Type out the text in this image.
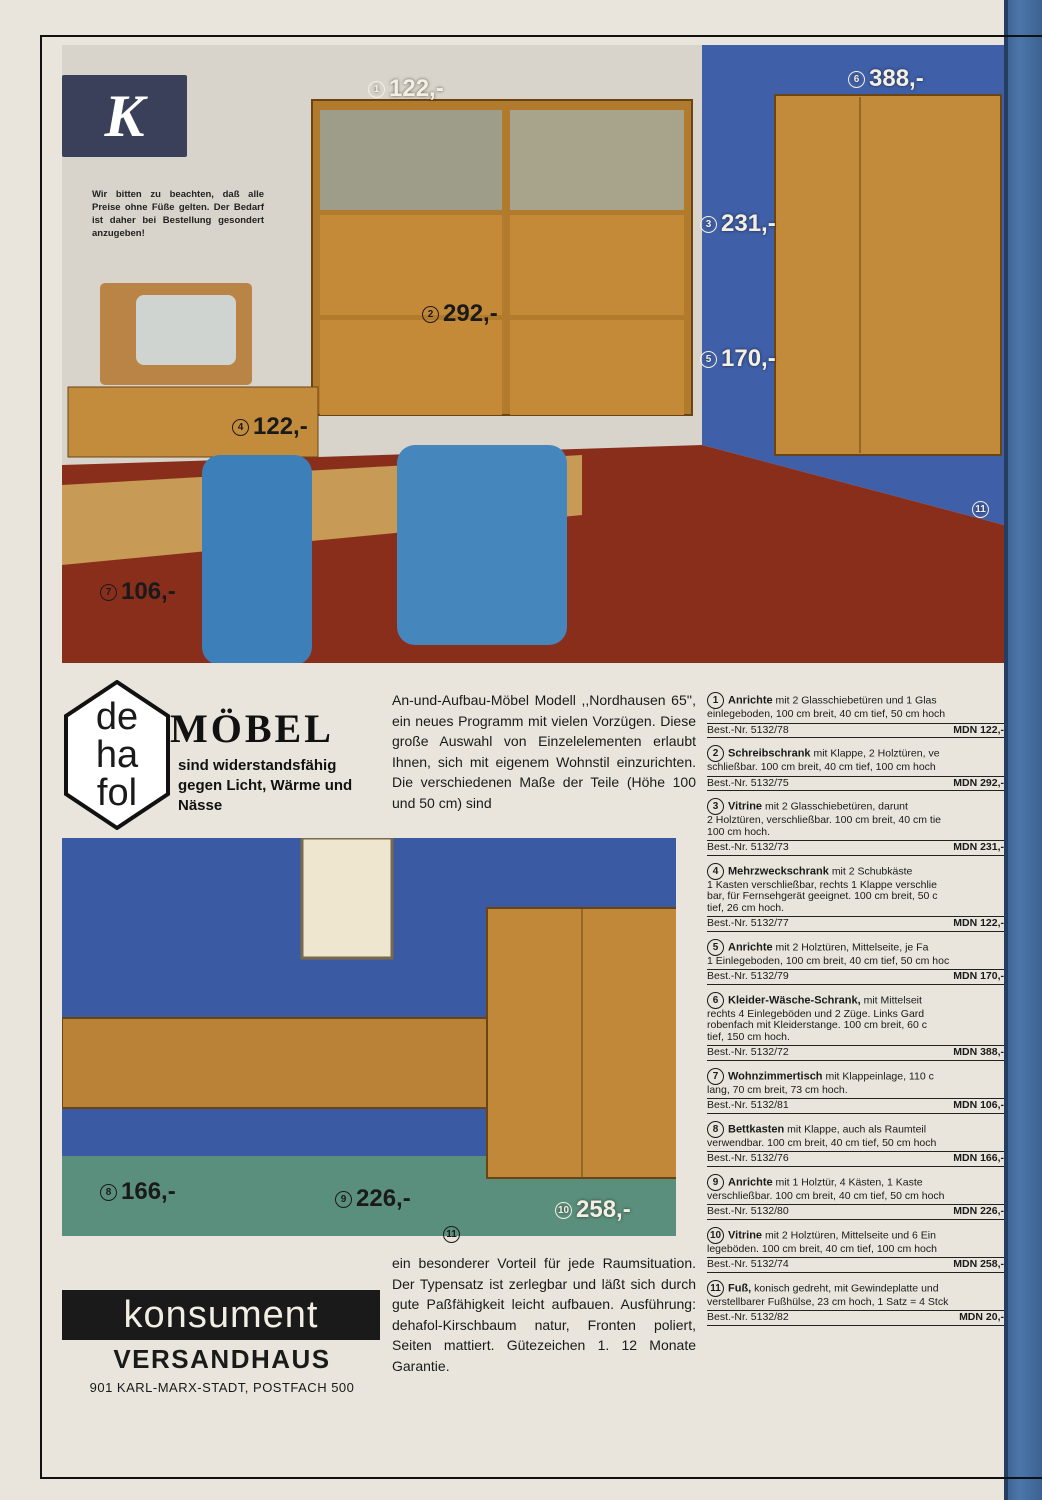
K
Wir bitten zu beachten, daß alle Preise ohne Füße gelten. Der Bedarf ist daher bei Bestellung gesondert anzugeben!
1 122,-
2 292,-
3 231,-
4 122,-
5 170,-
6 388,-
7 106,-
11
de ha fol
MÖBEL
sind widerstandsfähig gegen Licht, Wärme und Nässe
An-und-Aufbau-Möbel Modell ,,Nordhausen 65'', ein neues Programm mit vielen Vorzügen. Diese große Auswahl von Einzelelementen erlaubt Ihnen, sich mit eigenem Wohnstil einzurichten. Die verschiedenen Maße der Teile (Höhe 100 und 50 cm) sind
8 166,-	9 226,-	10 258,-
11
1 Anrichte mit 2 Glasschiebetüren und 1 Glas
einlegeboden, 100 cm breit, 40 cm tief, 50 cm hoch
Best.-Nr. 5132/78	MDN 122,-
2 Schreibschrank mit Klappe, 2 Holztüren, ve
schließbar. 100 cm breit, 40 cm tief, 100 cm hoch
Best.-Nr. 5132/75	MDN 292,-
3 Vitrine mit 2 Glasschiebetüren, darunt
2 Holztüren, verschließbar. 100 cm breit, 40 cm tie
100 cm hoch.
Best.-Nr. 5132/73	MDN 231,-
4 Mehrzweckschrank mit 2 Schubkäste
1 Kasten verschließbar, rechts 1 Klappe verschlie
bar, für Fernsehgerät geeignet. 100 cm breit, 50 c
tief, 26 cm hoch.
Best.-Nr. 5132/77	MDN 122,-
5 Anrichte mit 2 Holztüren, Mittelseite, je Fa
1 Einlegeboden, 100 cm breit, 40 cm tief, 50 cm hoc
Best.-Nr. 5132/79	MDN 170,-
6 Kleider-Wäsche-Schrank, mit Mittelseit
rechts 4 Einlegeböden und 2 Züge. Links Gard
robenfach mit Kleiderstange. 100 cm breit, 60 c
tief, 150 cm hoch.
Best.-Nr. 5132/72	MDN 388,-
7 Wohnzimmertisch mit Klappeinlage, 110 c
lang, 70 cm breit, 73 cm hoch.
Best.-Nr. 5132/81	MDN 106,-
8 Bettkasten mit Klappe, auch als Raumteil
verwendbar. 100 cm breit, 40 cm tief, 50 cm hoch
Best.-Nr. 5132/76	MDN 166,-
9 Anrichte mit 1 Holztür, 4 Kästen, 1 Kaste
verschließbar. 100 cm breit, 40 cm tief, 50 cm hoch
Best.-Nr. 5132/80	MDN 226,-
10 Vitrine mit 2 Holztüren, Mittelseite und 6 Ein
legeböden. 100 cm breit, 40 cm tief, 100 cm hoch
Best.-Nr. 5132/74	MDN 258,-
11 Fuß, konisch gedreht, mit Gewindeplatte und
verstellbarer Fußhülse, 23 cm hoch, 1 Satz = 4 Stck
Best.-Nr. 5132/82	MDN 20,-
konsument
VERSANDHAUS
901 KARL-MARX-STADT, POSTFACH 500
ein besonderer Vorteil für jede Raumsituation. Der Typensatz ist zerlegbar und läßt sich durch gute Paßfähigkeit leicht aufbauen. Ausführung: dehafol-Kirschbaum natur, Fronten poliert, Seiten mattiert. Gütezeichen 1. 12 Monate Garantie.
